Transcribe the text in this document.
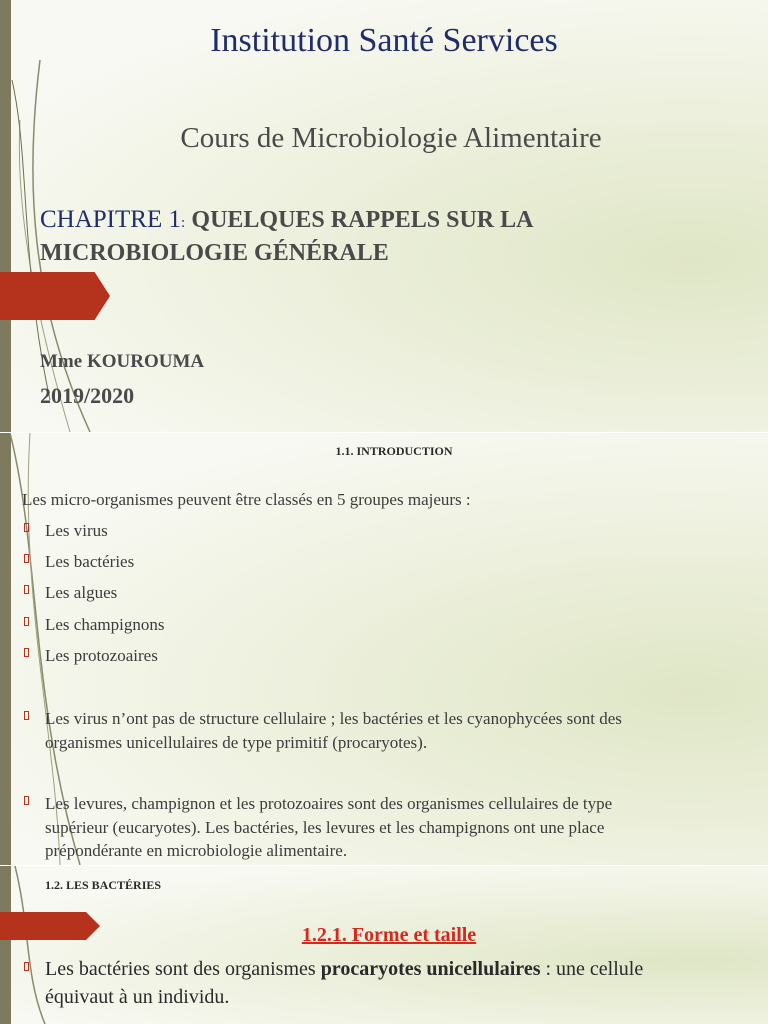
Institution Santé Services
Cours de Microbiologie Alimentaire
CHAPITRE 1: QUELQUES RAPPELS SUR LA
MICROBIOLOGIE GÉNÉRALE
Mme KOUROUMA
2019/2020
1.1. INTRODUCTION
Les micro-organismes peuvent être classés en 5 groupes majeurs :
Les virus
Les bactéries
Les algues
Les champignons
Les protozoaires
Les virus n’ont pas de structure cellulaire ; les bactéries et les cyanophycées sont des
organismes unicellulaires de type primitif (procaryotes).
Les levures, champignon et les protozoaires sont des organismes cellulaires de type
supérieur (eucaryotes). Les bactéries, les levures et les champignons ont une place
prépondérante en microbiologie alimentaire.
1.2. LES BACTÉRIES
1.2.1. Forme et taille
Les bactéries sont des organismes procaryotes unicellulaires : une cellule
équivaut à un individu.
